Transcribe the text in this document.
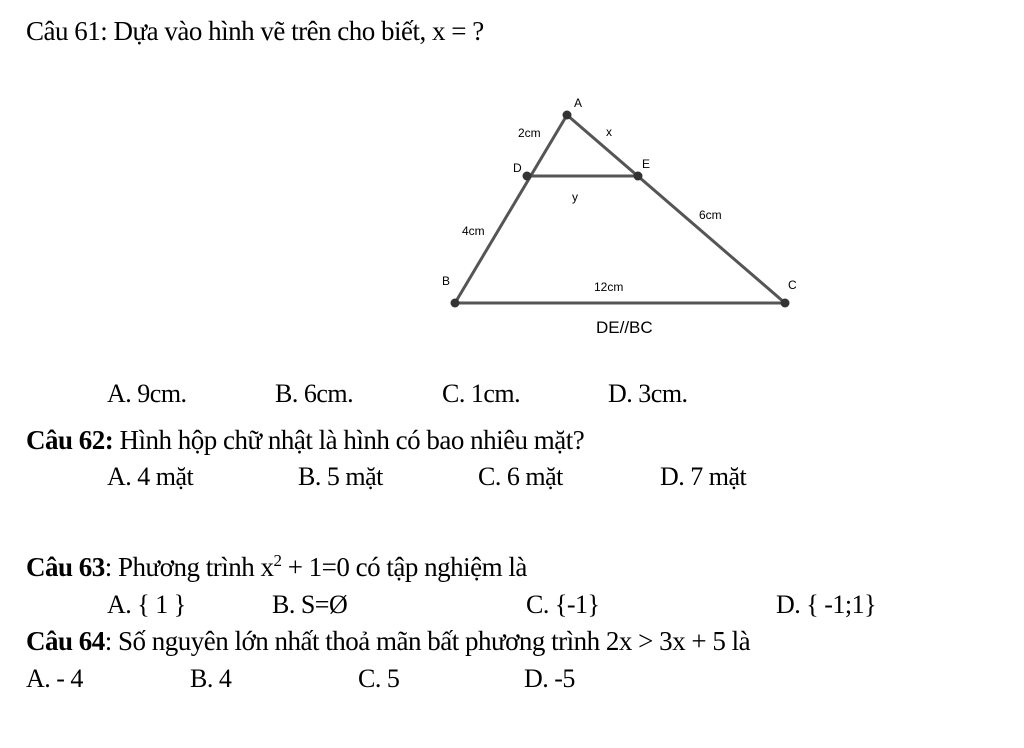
Câu 61: Dựa vào hình vẽ trên cho biết, x = ?
A
B	C
D	E
2cm	x
y
4cm
6cm
12cm
DE//BC
A. 9cm.	B. 6cm.	C. 1cm.	D. 3cm.
Câu 62: Hình hộp chữ nhật là hình có bao nhiêu mặt?
A. 4 mặt	B. 5 mặt	C. 6 mặt	D. 7 mặt
Câu 63: Phương trình $x^2 + 1=0$ có tập nghiệm là
A. { 1 }	B. S=Ø	C. {-1}	D. { -1;1}
Câu 64: Số nguyên lớn nhất thoả mãn bất phương trình 2x > 3x + 5 là
A. - 4	B. 4	C. 5	D. -5
